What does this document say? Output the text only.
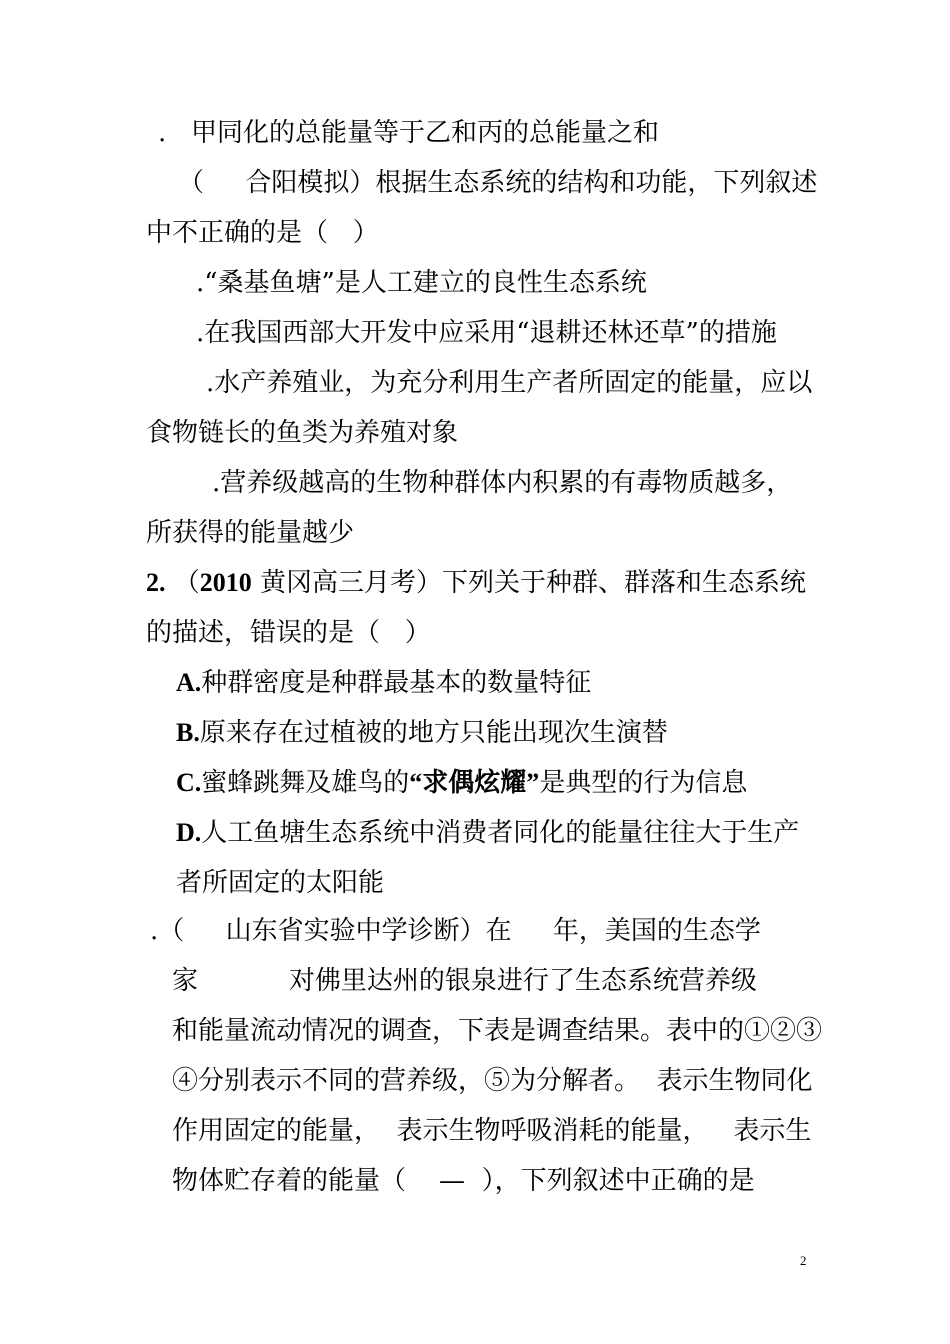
.   甲同化的总能量等于乙和丙的总能量之和
（     合阳模拟）根据生态系统的结构和功能，下列叙述
中不正确的是（   ）
.“桑基鱼塘”是人工建立的良性生态系统
.在我国西部大开发中应采用“退耕还林还草”的措施
.水产养殖业，为充分利用生产者所固定的能量，应以
食物链长的鱼类为养殖对象
.营养级越高的生物种群体内积累的有毒物质越多，
所获得的能量越少
2. （2010 黄冈高三月考）下列关于种群、群落和生态系统
的描述，错误的是（   ）
A.种群密度是种群最基本的数量特征
B.原来存在过植被的地方只能出现次生演替
C.蜜蜂跳舞及雄鸟的“求偶炫耀”是典型的行为信息
D.人工鱼塘生态系统中消费者同化的能量往往大于生产
者所固定的太阳能
.（     山东省实验中学诊断）在     年，美国的生态学
家           对佛里达州的银泉进行了生态系统营养级
和能量流动情况的调查，下表是调查结果。表中的①②③
④分别表示不同的营养级，⑤为分解者。  表示生物同化
作用固定的能量，  表示生物呼吸消耗的能量，   表示生
物体贮存着的能量（    —  ），下列叙述中正确的是
2
